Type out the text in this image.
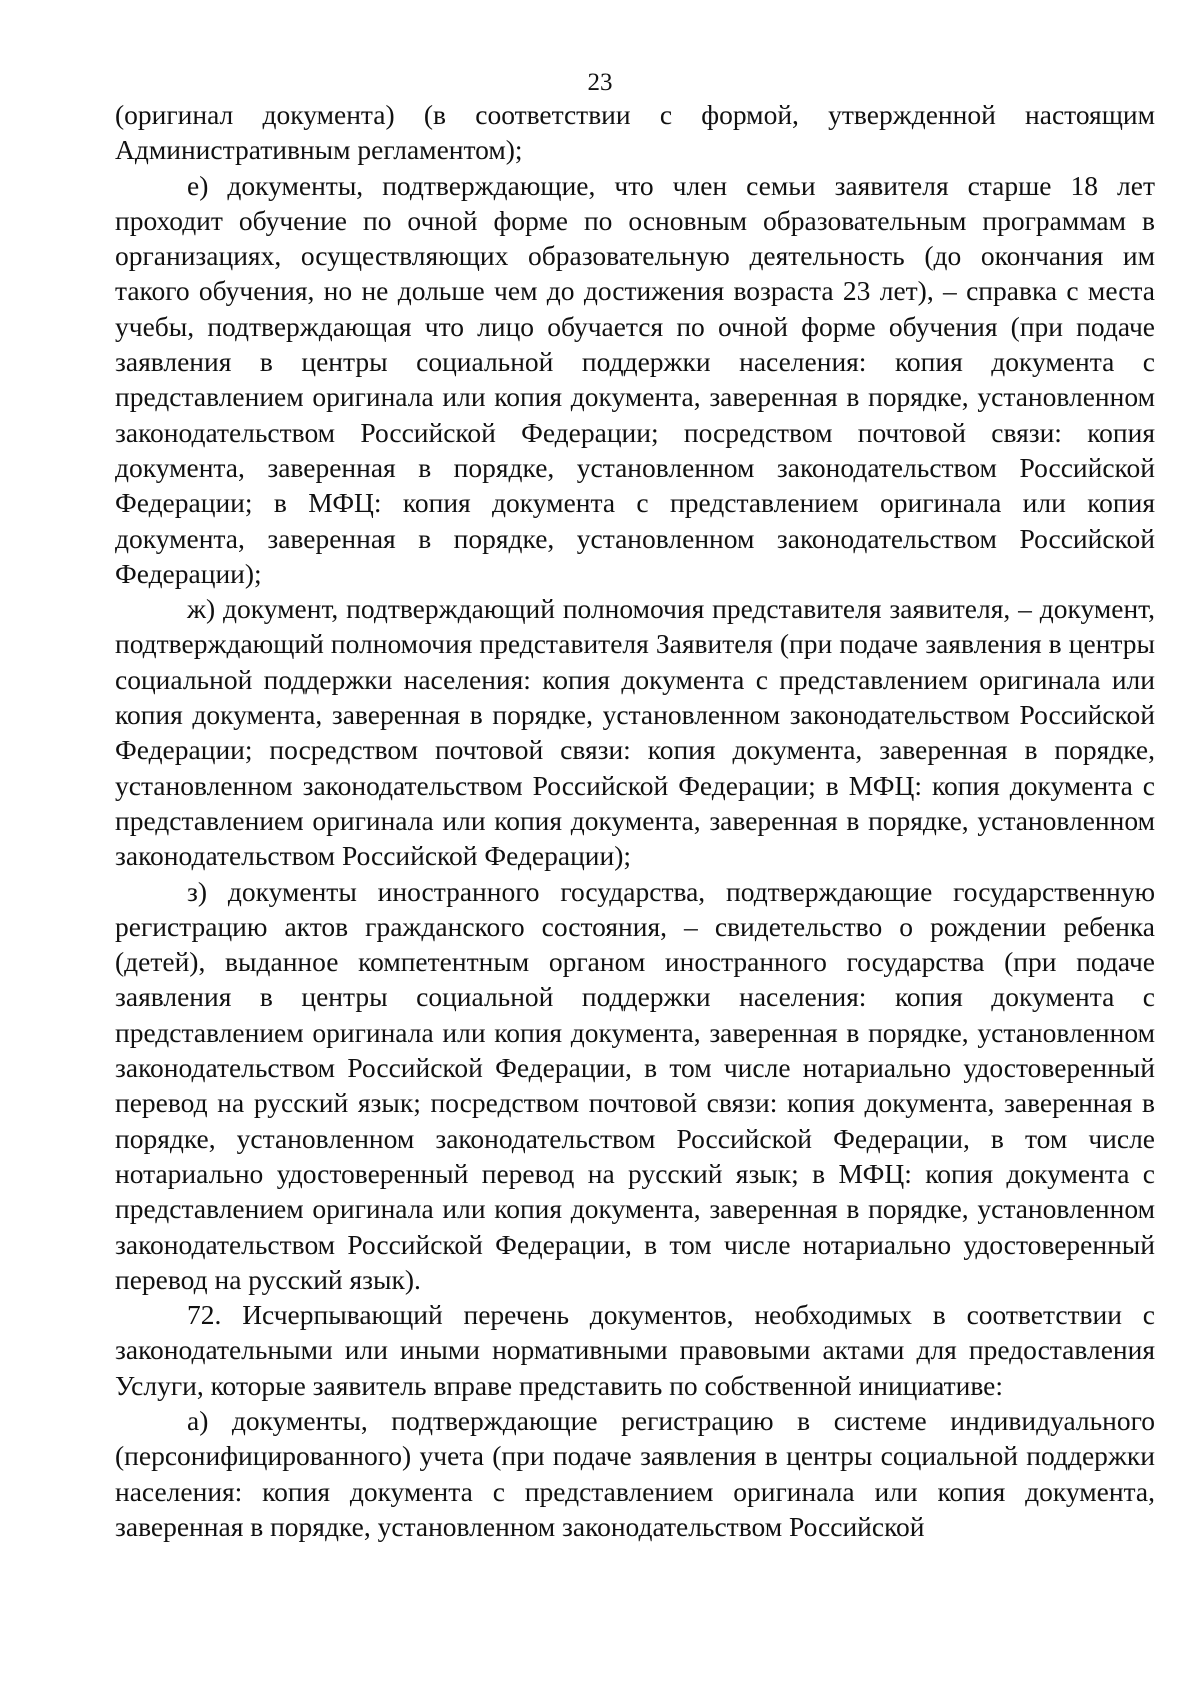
23

(оригинал документа) (в соответствии с формой, утвержденной настоящим Административным регламентом);

е) документы, подтверждающие, что член семьи заявителя старше 18 лет проходит обучение по очной форме по основным образовательным программам в организациях, осуществляющих образовательную деятельность (до окончания им такого обучения, но не дольше чем до достижения возраста 23 лет), – справка с места учебы, подтверждающая что лицо обучается по очной форме обучения (при подаче заявления в центры социальной поддержки населения: копия документа с представлением оригинала или копия документа, заверенная в порядке, установленном законодательством Российской Федерации; посредством почтовой связи: копия документа, заверенная в порядке, установленном законодательством Российской Федерации; в МФЦ: копия документа с представлением оригинала или копия документа, заверенная в порядке, установленном законодательством Российской Федерации);

ж) документ, подтверждающий полномочия представителя заявителя, – документ, подтверждающий полномочия представителя Заявителя (при подаче заявления в центры социальной поддержки населения: копия документа с представлением оригинала или копия документа, заверенная в порядке, установленном законодательством Российской Федерации; посредством почтовой связи: копия документа, заверенная в порядке, установленном законодательством Российской Федерации; в МФЦ: копия документа с представлением оригинала или копия документа, заверенная в порядке, установленном законодательством Российской Федерации);

з) документы иностранного государства, подтверждающие государственную регистрацию актов гражданского состояния, – свидетельство о рождении ребенка (детей), выданное компетентным органом иностранного государства (при подаче заявления в центры социальной поддержки населения: копия документа с представлением оригинала или копия документа, заверенная в порядке, установленном законодательством Российской Федерации, в том числе нотариально удостоверенный перевод на русский язык; посредством почтовой связи: копия документа, заверенная в порядке, установленном законодательством Российской Федерации, в том числе нотариально удостоверенный перевод на русский язык; в МФЦ: копия документа с представлением оригинала или копия документа, заверенная в порядке, установленном законодательством Российской Федерации, в том числе нотариально удостоверенный перевод на русский язык).

72. Исчерпывающий перечень документов, необходимых в соответствии с законодательными или иными нормативными правовыми актами для предоставления Услуги, которые заявитель вправе представить по собственной инициативе:

а) документы, подтверждающие регистрацию в системе индивидуального (персонифицированного) учета (при подаче заявления в центры социальной поддержки населения: копия документа с представлением оригинала или копия документа, заверенная в порядке, установленном законодательством Российской
